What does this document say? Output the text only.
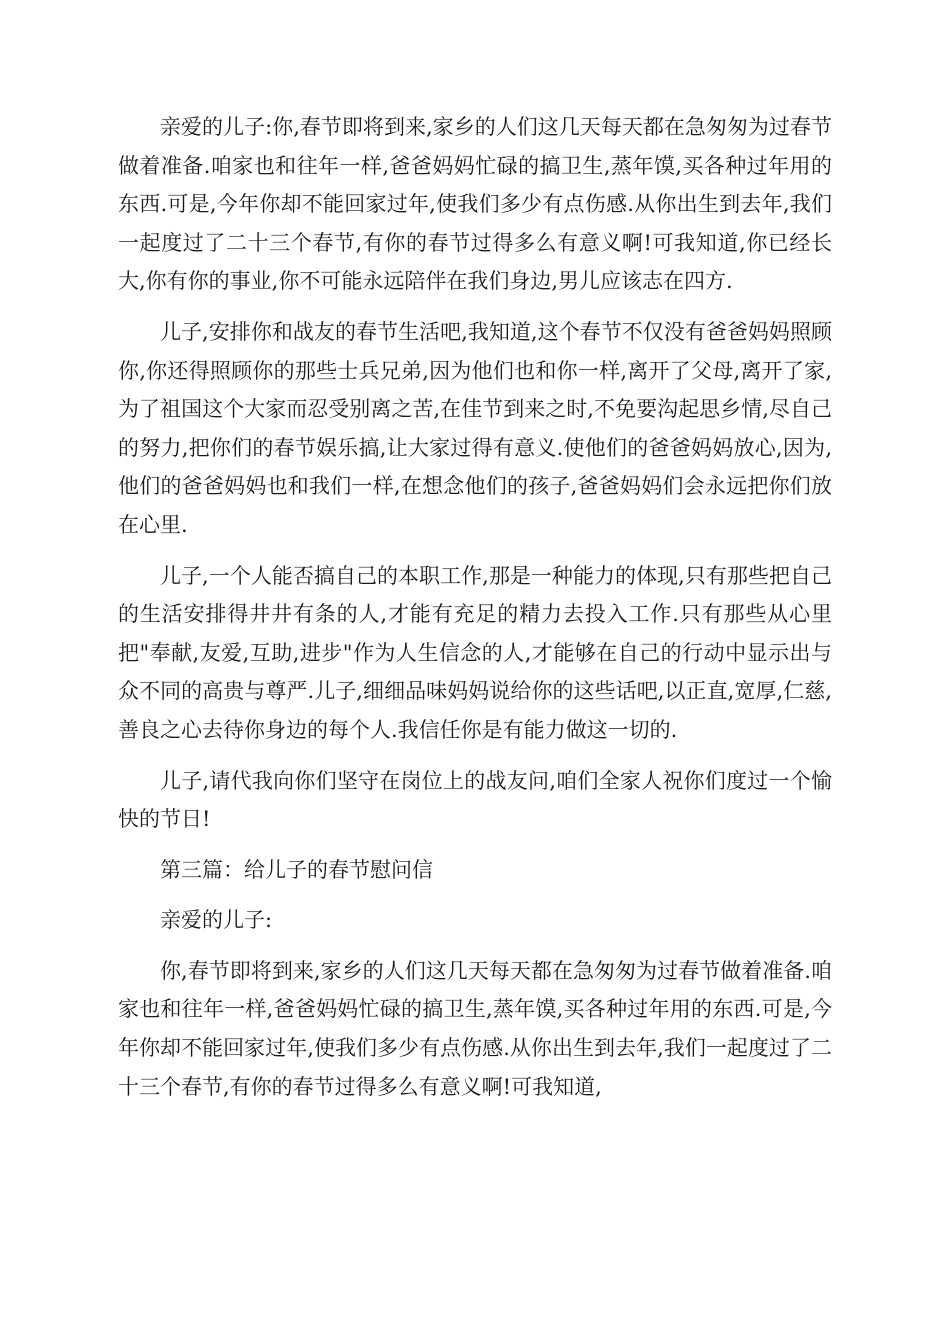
亲爱的儿子:你,春节即将到来,家乡的人们这几天每天都在急匆匆为过春节做着准备.咱家也和往年一样,爸爸妈妈忙碌的搞卫生,蒸年馍,买各种过年用的东西.可是,今年你却不能回家过年,使我们多少有点伤感.从你出生到去年,我们一起度过了二十三个春节,有你的春节过得多么有意义啊!可我知道,你已经长大,你有你的事业,你不可能永远陪伴在我们身边,男儿应该志在四方.

儿子,安排你和战友的春节生活吧,我知道,这个春节不仅没有爸爸妈妈照顾你,你还得照顾你的那些士兵兄弟,因为他们也和你一样,离开了父母,离开了家,为了祖国这个大家而忍受别离之苦,在佳节到来之时,不免要沟起思乡情,尽自己的努力,把你们的春节娱乐搞,让大家过得有意义.使他们的爸爸妈妈放心,因为,他们的爸爸妈妈也和我们一样,在想念他们的孩子,爸爸妈妈们会永远把你们放在心里.

儿子,一个人能否搞自己的本职工作,那是一种能力的体现,只有那些把自己的生活安排得井井有条的人,才能有充足的精力去投入工作.只有那些从心里把"奉献,友爱,互助,进步"作为人生信念的人,才能够在自己的行动中显示出与众不同的高贵与尊严.儿子,细细品味妈妈说给你的这些话吧,以正直,宽厚,仁慈,善良之心去待你身边的每个人.我信任你是有能力做这一切的.

儿子,请代我向你们坚守在岗位上的战友问,咱们全家人祝你们度过一个愉快的节日!

第三篇：给儿子的春节慰问信

亲爱的儿子:

你,春节即将到来,家乡的人们这几天每天都在急匆匆为过春节做着准备.咱家也和往年一样,爸爸妈妈忙碌的搞卫生,蒸年馍,买各种过年用的东西.可是,今年你却不能回家过年,使我们多少有点伤感.从你出生到去年,我们一起度过了二十三个春节,有你的春节过得多么有意义啊!可我知道,
